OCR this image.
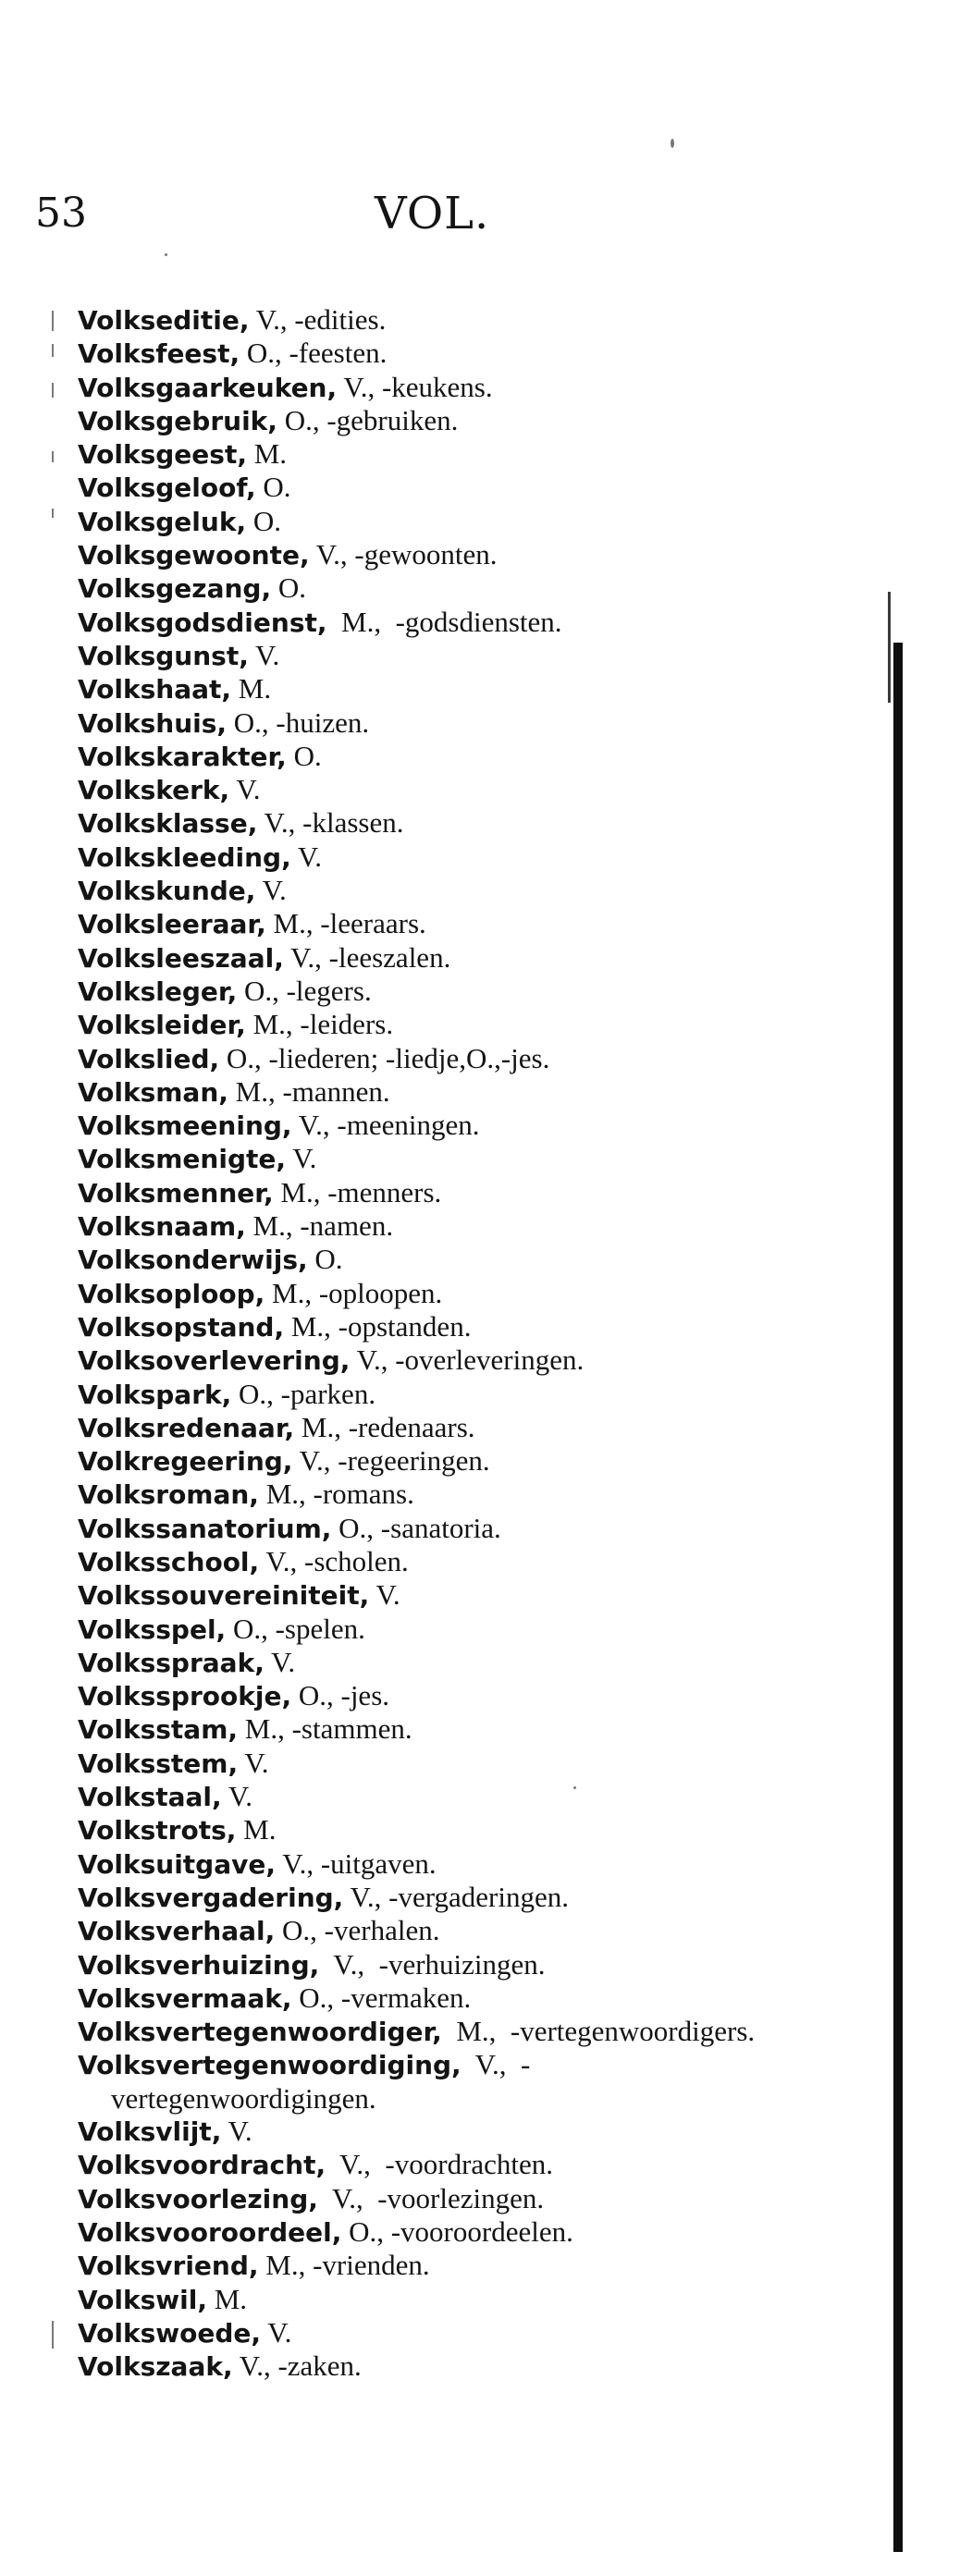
53	VOL.
Volkseditie, V., -edities.
Volksfeest, O., -feesten.
Volksgaarkeuken, V., -keukens.
Volksgebruik, O., -gebruiken.
Volksgeest, M.
Volksgeloof, O.
Volksgeluk, O.
Volksgewoonte, V., -gewoonten.
Volksgezang, O.
Volksgodsdienst,  M.,  -godsdiensten.
Volksgunst, V.
Volkshaat, M.
Volkshuis, O., -huizen.
Volkskarakter, O.
Volkskerk, V.
Volksklasse, V., -klassen.
Volkskleeding, V.
Volkskunde, V.
Volksleeraar, M., -leeraars.
Volksleeszaal, V., -leeszalen.
Volksleger, O., -legers.
Volksleider, M., -leiders.
Volkslied, O., -liederen; -liedje,O.,-jes.
Volksman, M., -mannen.
Volksmeening, V., -meeningen.
Volksmenigte, V.
Volksmenner, M., -menners.
Volksnaam, M., -namen.
Volksonderwijs, O.
Volksoploop, M., -oploopen.
Volksopstand, M., -opstanden.
Volksoverlevering, V., -overleveringen.
Volkspark, O., -parken.
Volksredenaar, M., -redenaars.
Volkregeering, V., -regeeringen.
Volksroman, M., -romans.
Volkssanatorium, O., -sanatoria.
Volksschool, V., -scholen.
Volkssouvereiniteit, V.
Volksspel, O., -spelen.
Volksspraak, V.
Volkssprookje, O., -jes.
Volksstam, M., -stammen.
Volksstem, V.
Volkstaal, V.
Volkstrots, M.
Volksuitgave, V., -uitgaven.
Volksvergadering, V., -vergaderingen.
Volksverhaal, O., -verhalen.
Volksverhuizing,  V.,  -verhuizingen.
Volksvermaak, O., -vermaken.
Volksvertegenwoordiger,  M.,  -vertegenwoordigers.
Volksvertegenwoordiging,  V.,  -vertegenwoordigingen.
Volksvlijt, V.
Volksvoordracht,  V.,  -voordrachten.
Volksvoorlezing,  V.,  -voorlezingen.
Volksvooroordeel, O., -vooroordeelen.
Volksvriend, M., -vrienden.
Volkswil, M.
Volkswoede, V.
Volkszaak, V., -zaken.
